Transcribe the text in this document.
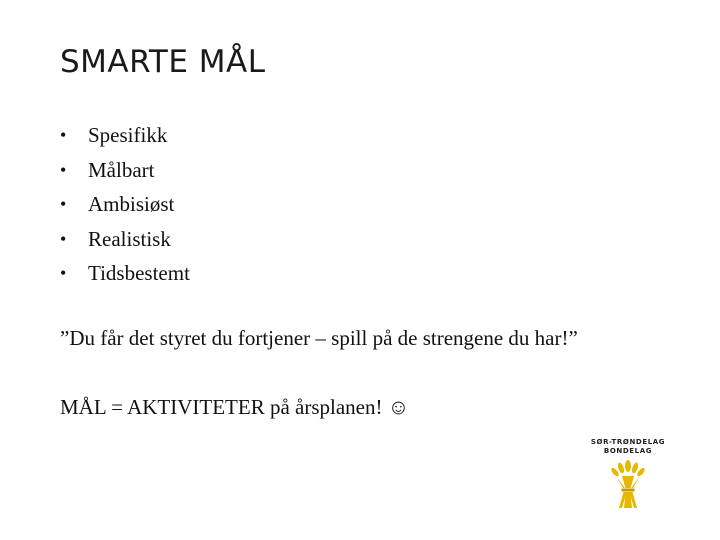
SMARTE MÅL
•	Spesifikk
•	Målbart
•	Ambisiøst
•	Realistisk
•	Tidsbestemt
”Du får det styret du fortjener – spill på de strengene du har!”
MÅL = AKTIVITETER på årsplanen! ☺
SØR-TRØNDELAG
BONDELAG
